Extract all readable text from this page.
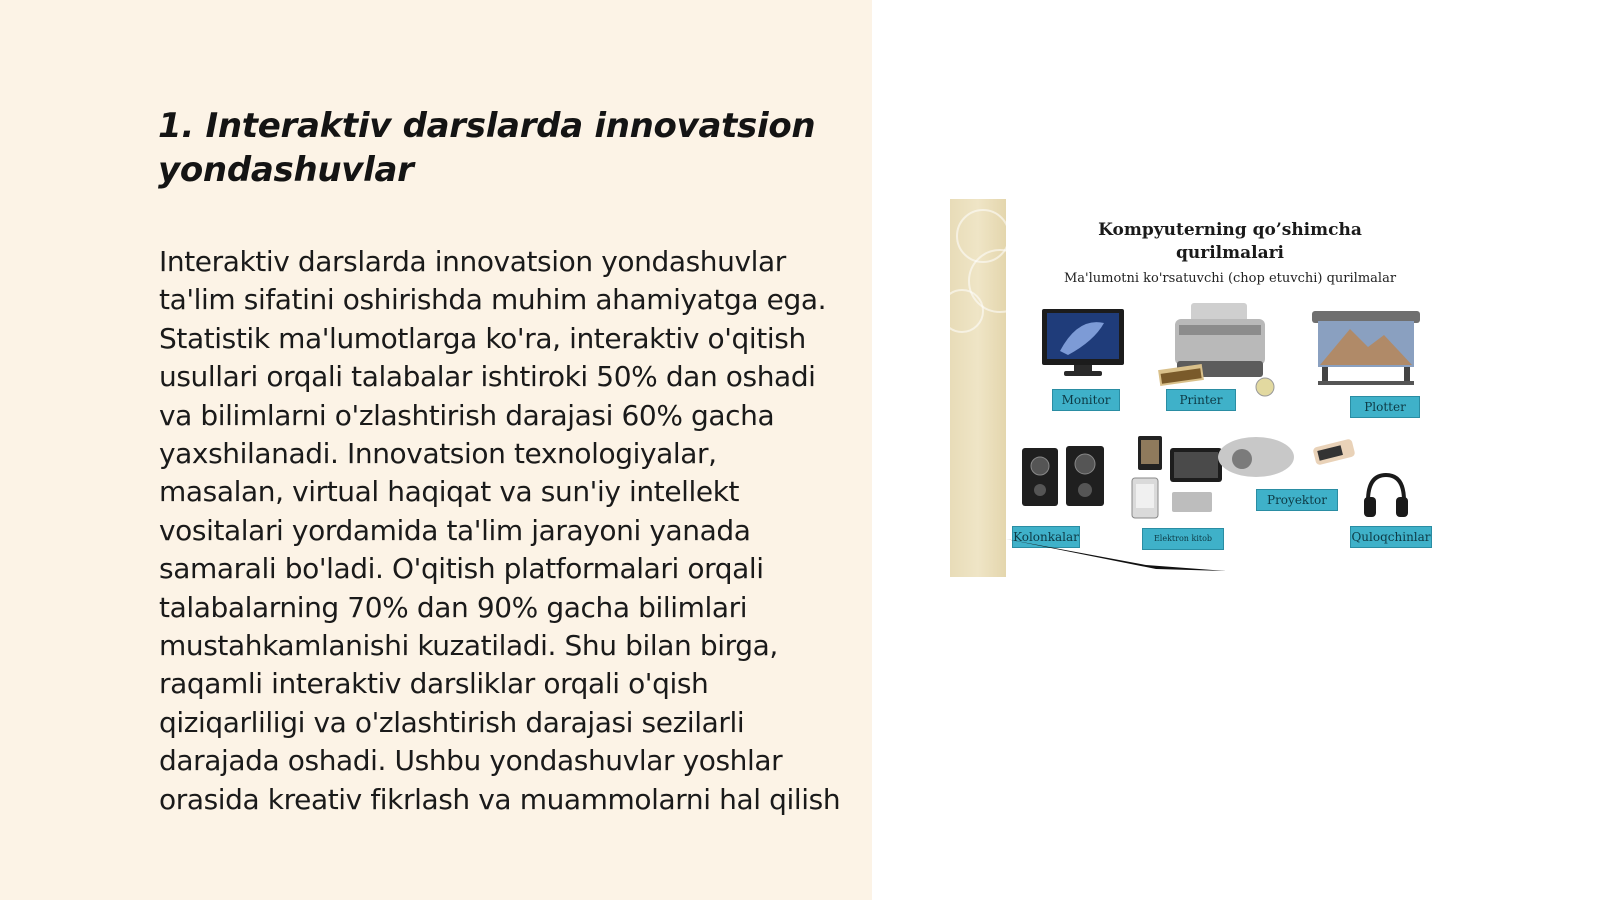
1. Interaktiv darslarda innovatsion yondashuvlar

Interaktiv darslarda innovatsion yondashuvlar ta'lim sifatini oshirishda muhim ahamiyatga ega. Statistik ma'lumotlarga ko'ra, interaktiv o'qitish usullari orqali talabalar ishtiroki 50% dan oshadi va bilimlarni o'zlashtirish darajasi 60% gacha yaxshilanadi. Innovatsion texnologiyalar, masalan, virtual haqiqat va sun'iy intellekt vositalari yordamida ta'lim jarayoni yanada samarali bo'ladi. O'qitish platformalari orqali talabalarning 70% dan 90% gacha bilimlari mustahkamlanishi kuzatiladi. Shu bilan birga, raqamli interaktiv darsliklar orqali o'qish qiziqarliligi va o'zlashtirish darajasi sezilarli darajada oshadi. Ushbu yondashuvlar yoshlar orasida kreativ fikrlash va muammolarni hal qilish

Kompyuterning qo’shimcha qurilmalari
Ma'lumotni ko'rsatuvchi (chop etuvchi) qurilmalar
Monitor	Printer	Plotter
Kolonkalar	Elektron kitob
Proyektor
Quloqchinlar
